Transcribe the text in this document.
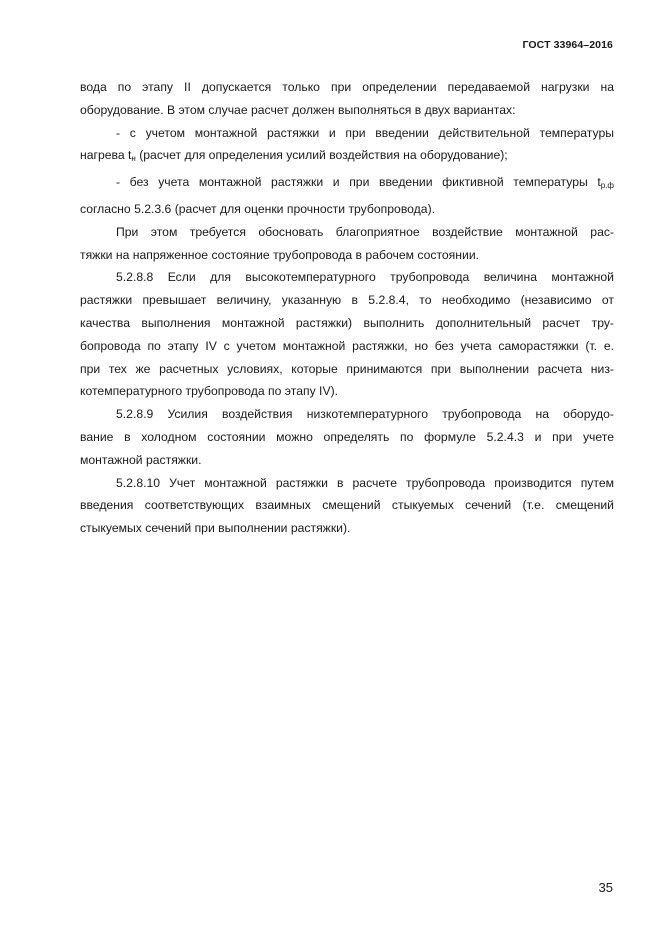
ГОСТ 33964–2016

вода по этапу II допускается только при определении передаваемой нагрузки на
оборудование. В этом случае расчет должен выполняться в двух вариантах:

- с учетом монтажной растяжки и при введении действительной температуры
нагрева $t_н$ (расчет для определения усилий воздействия на оборудование);

- без учета монтажной растяжки и при введении фиктивной температуры $t_{р.ф}$
согласно 5.2.3.6 (расчет для оценки прочности трубопровода).

При этом требуется обосновать благоприятное воздействие монтажной рас-
тяжки на напряженное состояние трубопровода в рабочем состоянии.

5.2.8.8 Если для высокотемпературного трубопровода величина монтажной
растяжки превышает величину, указанную в 5.2.8.4, то необходимо (независимо от
качества выполнения монтажной растяжки) выполнить дополнительный расчет тру-
бопровода по этапу IV с учетом монтажной растяжки, но без учета саморастяжки (т. е.
при тех же расчетных условиях, которые принимаются при выполнении расчета низ-
котемпературного трубопровода по этапу IV).

5.2.8.9 Усилия воздействия низкотемпературного трубопровода на оборудо-
вание в холодном состоянии можно определять по формуле 5.2.4.3 и при учете
монтажной растяжки.

5.2.8.10 Учет монтажной растяжки в расчете трубопровода производится путем
введения соответствующих взаимных смещений стыкуемых сечений (т.е. смещений
стыкуемых сечений при выполнении растяжки).

35
